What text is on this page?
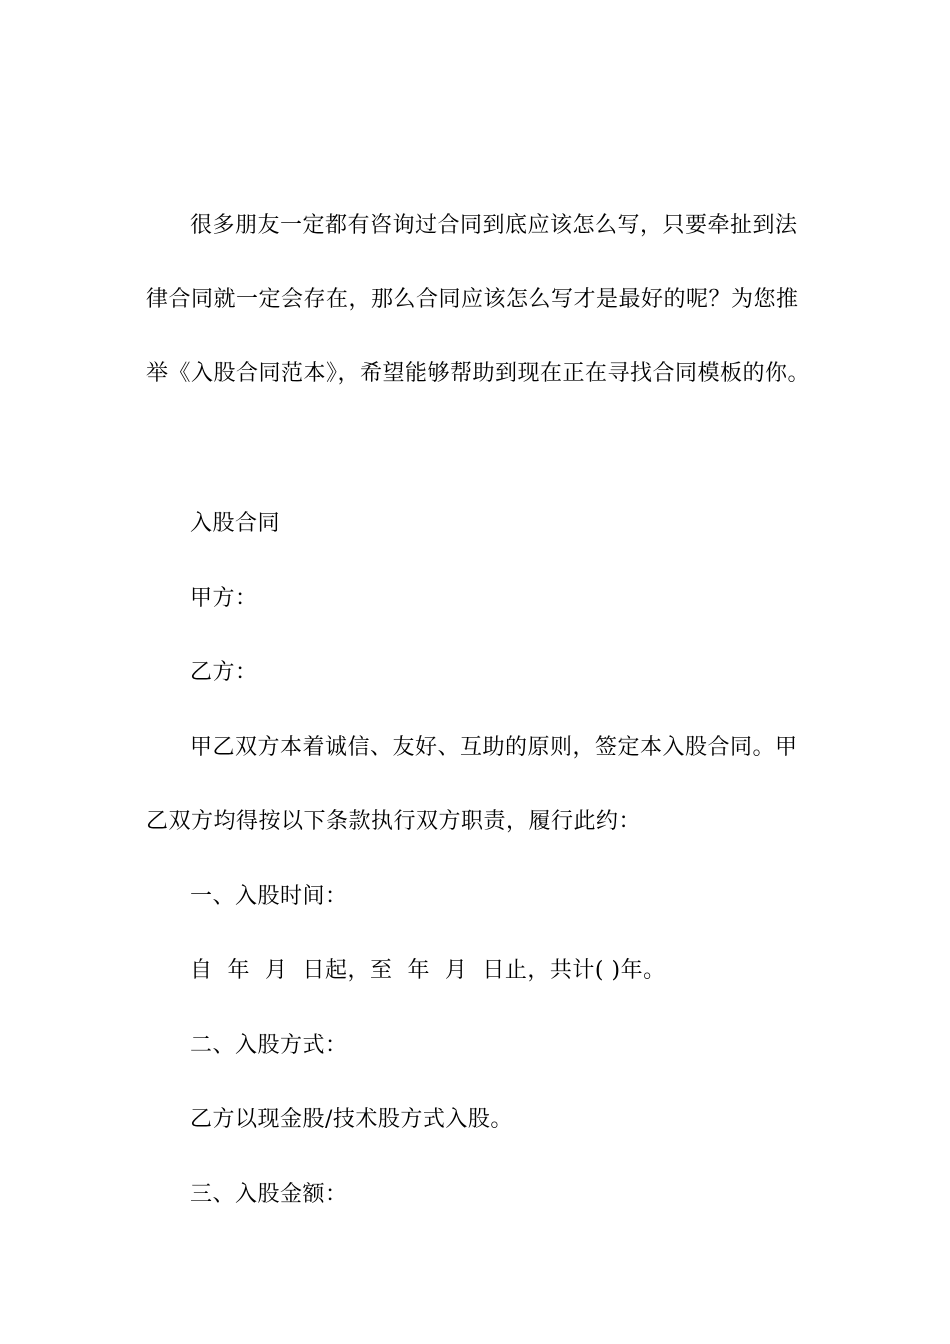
很多朋友一定都有咨询过合同到底应该怎么写，只要牵扯到法
律合同就一定会存在，那么合同应该怎么写才是最好的呢？为您推
举《入股合同范本》，希望能够帮助到现在正在寻找合同模板的你。
入股合同
甲方：
乙方：
甲乙双方本着诚信、友好、互助的原则，签定本入股合同。甲
乙双方均得按以下条款执行双方职责，履行此约：
一、入股时间：
自  年  月  日起，至  年  月  日止，共计( )年。
二、入股方式：
乙方以现金股/技术股方式入股。
三、入股金额：
